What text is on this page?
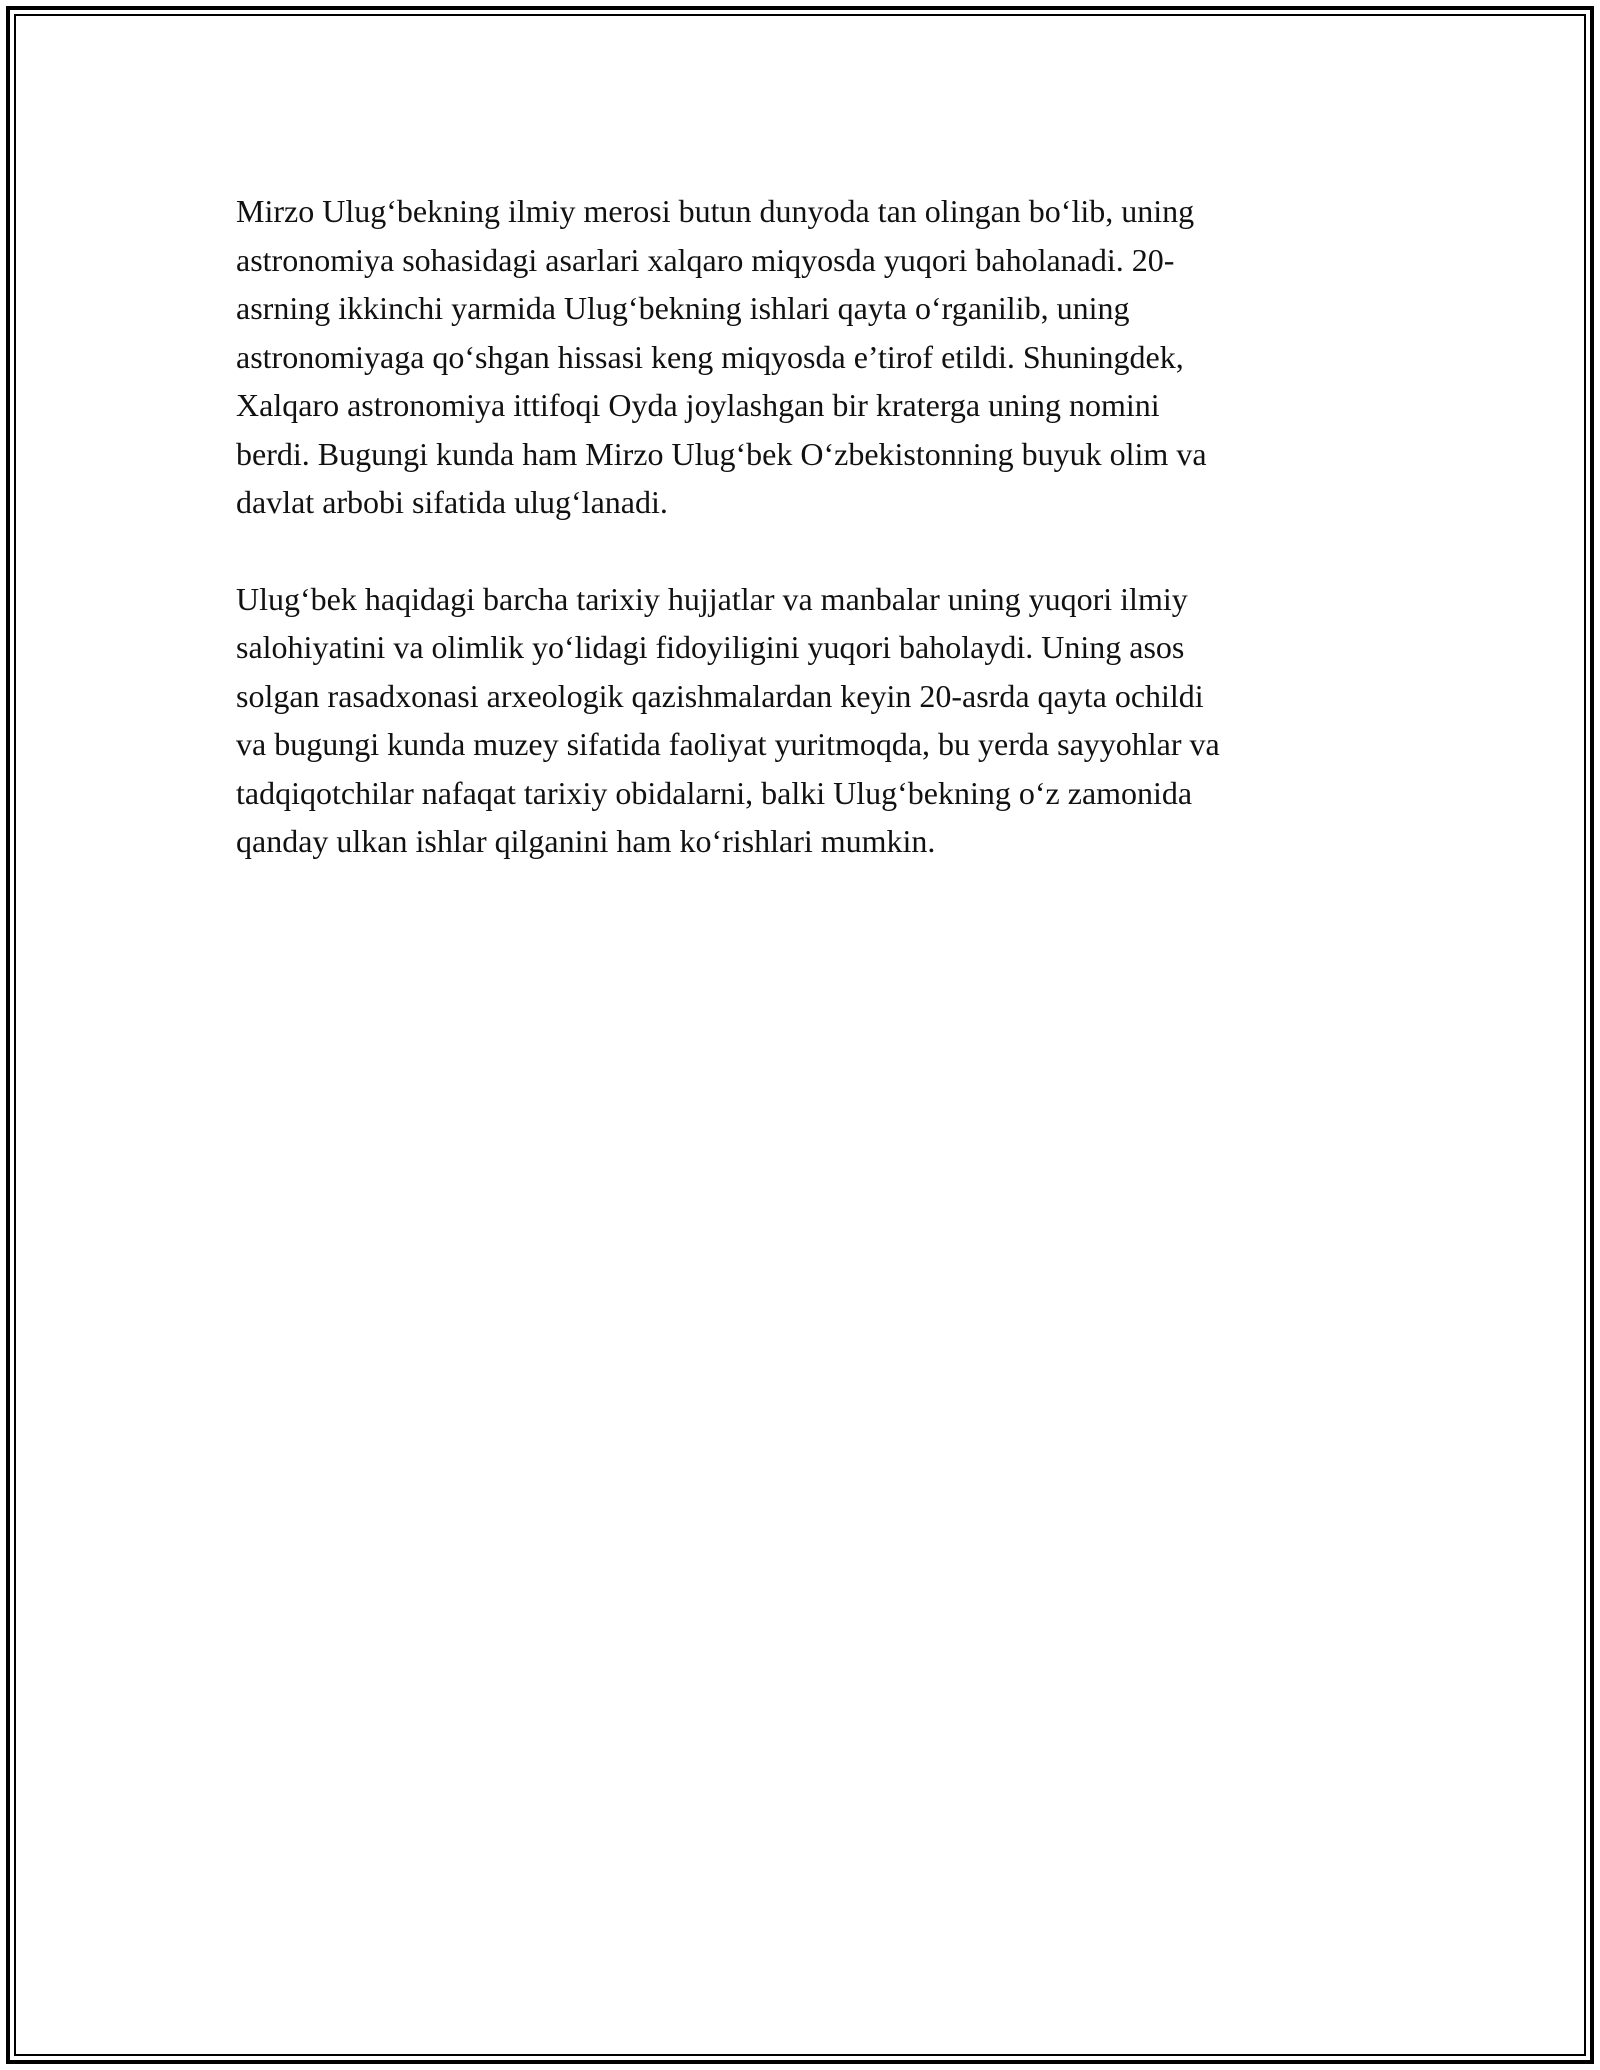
Mirzo Ulug‘bekning ilmiy merosi butun dunyoda tan olingan bo‘lib, uning
astronomiya sohasidagi asarlari xalqaro miqyosda yuqori baholanadi. 20-
asrning ikkinchi yarmida Ulug‘bekning ishlari qayta o‘rganilib, uning
astronomiyaga qo‘shgan hissasi keng miqyosda e’tirof etildi. Shuningdek,
Xalqaro astronomiya ittifoqi Oyda joylashgan bir kraterga uning nomini
berdi. Bugungi kunda ham Mirzo Ulug‘bek O‘zbekistonning buyuk olim va
davlat arbobi sifatida ulug‘lanadi.

Ulug‘bek haqidagi barcha tarixiy hujjatlar va manbalar uning yuqori ilmiy
salohiyatini va olimlik yo‘lidagi fidoyiligini yuqori baholaydi. Uning asos
solgan rasadxonasi arxeologik qazishmalardan keyin 20-asrda qayta ochildi
va bugungi kunda muzey sifatida faoliyat yuritmoqda, bu yerda sayyohlar va
tadqiqotchilar nafaqat tarixiy obidalarni, balki Ulug‘bekning o‘z zamonida
qanday ulkan ishlar qilganini ham ko‘rishlari mumkin.
